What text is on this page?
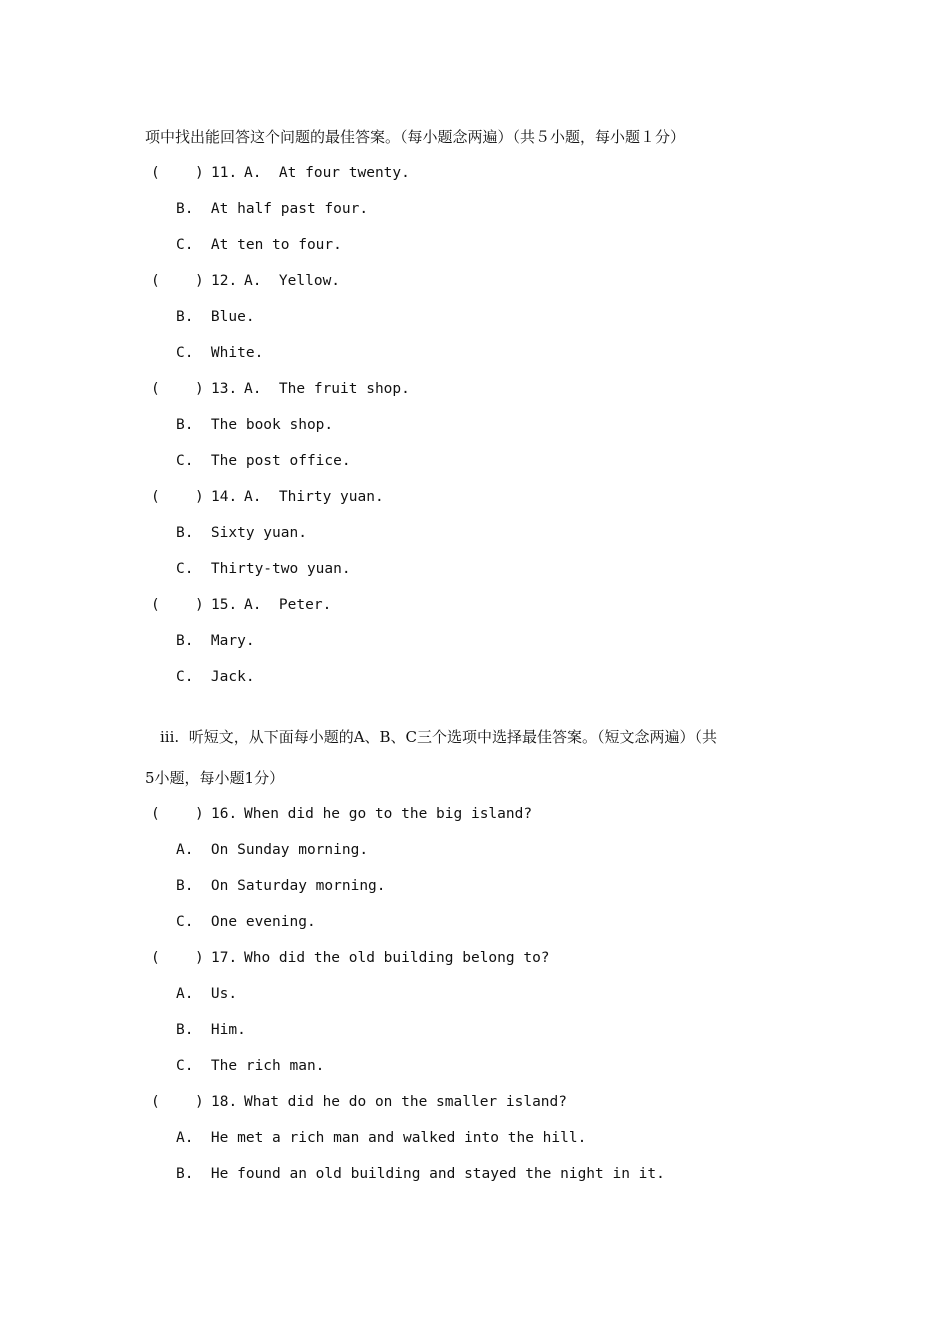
项中找出能回答这个问题的最佳答案。（每小题念两遍）（共５小题，每小题１分）
( ) 11. A.  At four twenty.
B.  At half past four.
C.  At ten to four.
( ) 12. A.  Yellow.
B.  Blue.
C.  White.
( ) 13. A.  The fruit shop.
B.  The book shop.
C.  The post office.
( ) 14. A.  Thirty yuan.
B.  Sixty yuan.
C.  Thirty-two yuan.
( ) 15. A.  Peter.
B.  Mary.
C.  Jack.
iii.  听短文，从下面每小题的A、B、C三个选项中选择最佳答案。（短文念两遍）（共
5小题，每小题1分）
( ) 16. When did he go to the big island?
A.  On Sunday morning.
B.  On Saturday morning.
C.  One evening.
( ) 17. Who did the old building belong to?
A.  Us.
B.  Him.
C.  The rich man.
( ) 18. What did he do on the smaller island?
A.  He met a rich man and walked into the hill.
B.  He found an old building and stayed the night in it.
